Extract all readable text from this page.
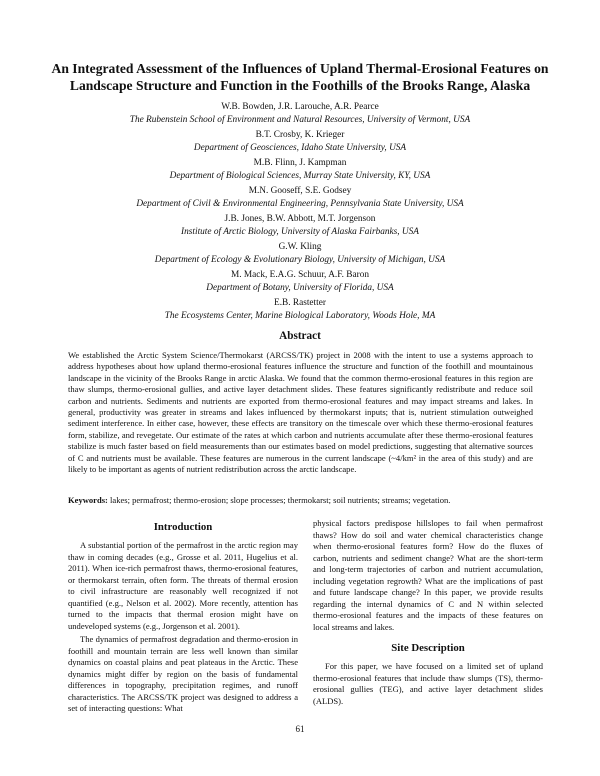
An Integrated Assessment of the Influences of Upland Thermal-Erosional Features on
Landscape Structure and Function in the Foothills of the Brooks Range, Alaska
W.B. Bowden, J.R. Larouche, A.R. Pearce
The Rubenstein School of Environment and Natural Resources, University of Vermont, USA
B.T. Crosby, K. Krieger
Department of Geosciences, Idaho State University, USA
M.B. Flinn, J. Kampman
Department of Biological Sciences, Murray State University, KY, USA
M.N. Gooseff, S.E. Godsey
Department of Civil & Environmental Engineering, Pennsylvania State University, USA
J.B. Jones, B.W. Abbott, M.T. Jorgenson
Institute of Arctic Biology, University of Alaska Fairbanks, USA
G.W. Kling
Department of Ecology & Evolutionary Biology, University of Michigan, USA
M. Mack, E.A.G. Schuur, A.F. Baron
Department of Botany, University of Florida, USA
E.B. Rastetter
The Ecosystems Center, Marine Biological Laboratory, Woods Hole, MA
Abstract
We established the Arctic System Science/Thermokarst (ARCSS/TK) project in 2008 with the intent to use a systems approach to address hypotheses about how upland thermo-erosional features influence the structure and function of the foothill and mountainous landscape in the vicinity of the Brooks Range in arctic Alaska. We found that the common thermo-erosional features in this region are thaw slumps, thermo-erosional gullies, and active layer detachment slides. These features significantly redistribute and reduce soil carbon and nutrients. Sediments and nutrients are exported from thermo-erosional features and may impact streams and lakes. In general, productivity was greater in streams and lakes influenced by thermokarst inputs; that is, nutrient stimulation outweighed sediment interference. In either case, however, these effects are transitory on the timescale over which these thermo-erosional features form, stabilize, and revegetate. Our estimate of the rates at which carbon and nutrients accumulate after these thermo-erosional features stabilize is much faster based on field measurements than our estimates based on model predictions, suggesting that alternative sources of C and nutrients must be available. These features are numerous in the current landscape (~4/km² in the area of this study) and are likely to be important as agents of nutrient redistribution across the arctic landscape.
Keywords: lakes; permafrost; thermo-erosion; slope processes; thermokarst; soil nutrients; streams; vegetation.
Introduction

A substantial portion of the permafrost in the arctic region may thaw in coming decades (e.g., Grosse et al. 2011, Hugelius et al. 2011). When ice-rich permafrost thaws, thermo-erosional features, or thermokarst terrain, often form. The threats of thermal erosion to civil infrastructure are reasonably well recognized if not quantified (e.g., Nelson et al. 2002). More recently, attention has turned to the impacts that thermal erosion might have on undeveloped systems (e.g., Jorgenson et al. 2001).

The dynamics of permafrost degradation and thermo-erosion in foothill and mountain terrain are less well known than similar dynamics on coastal plains and peat plateaus in the Arctic. These dynamics might differ by region on the basis of fundamental differences in topography, precipitation regimes, and runoff characteristics. The ARCSS/TK project was designed to address a set of interacting questions: What

physical factors predispose hillslopes to fail when permafrost thaws? How do soil and water chemical characteristics change when thermo-erosional features form? How do the fluxes of carbon, nutrients and sediment change? What are the short-term and long-term trajectories of carbon and nutrient accumulation, including vegetation regrowth? What are the implications of past and future landscape change? In this paper, we provide results regarding the internal dynamics of C and N within selected thermo-erosional features and the impacts of these features on local streams and lakes.

Site Description

For this paper, we have focused on a limited set of upland thermo-erosional features that include thaw slumps (TS), thermo-erosional gullies (TEG), and active layer detachment slides (ALDS).

61
